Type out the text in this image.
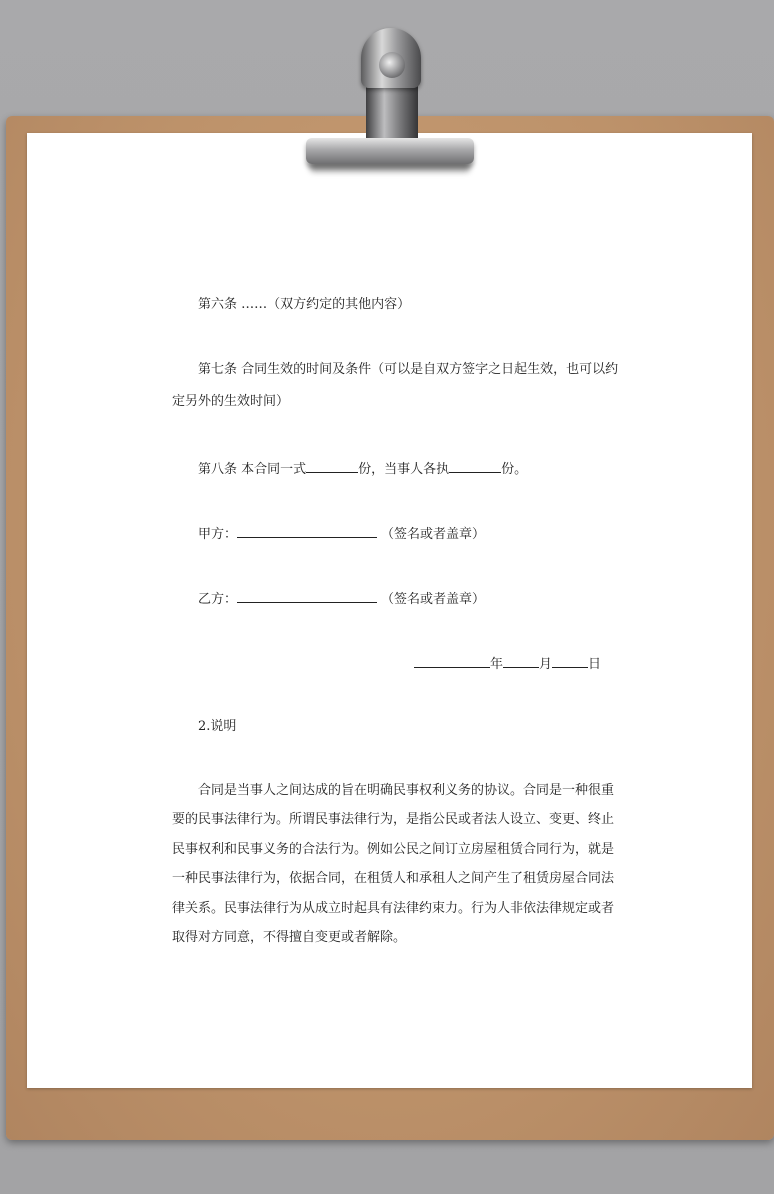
第六条 ……（双方约定的其他内容）
第七条 合同生效的时间及条件（可以是自双方签字之日起生效，也可以约
定另外的生效时间）
第八条 本合同一式	份，当事人各执	份。
甲方：	（签名或者盖章）
乙方：	（签名或者盖章）
年	月	日
2.说明
合同是当事人之间达成的旨在明确民事权利义务的协议。合同是一种很重
要的民事法律行为。所谓民事法律行为，是指公民或者法人设立、变更、终止
民事权利和民事义务的合法行为。例如公民之间订立房屋租赁合同行为，就是
一种民事法律行为，依据合同，在租赁人和承租人之间产生了租赁房屋合同法
律关系。民事法律行为从成立时起具有法律约束力。行为人非依法律规定或者
取得对方同意，不得擅自变更或者解除。
